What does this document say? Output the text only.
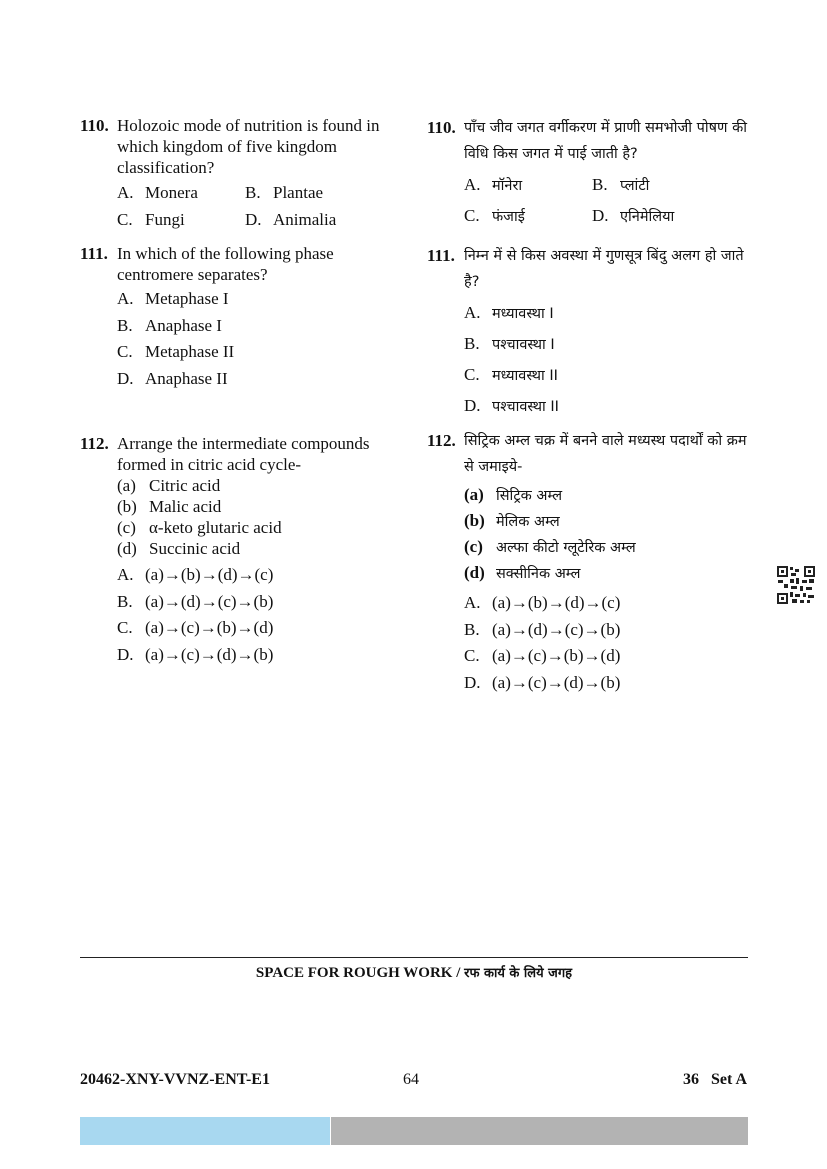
110. Holozoic mode of nutrition is found in which kingdom of five kingdom classification?
A. Monera	B. Plantae
C. Fungi	D. Animalia
111. In which of the following phase centromere separates?
A. Metaphase I
B. Anaphase I
C. Metaphase II
D. Anaphase II
112. Arrange the intermediate compounds formed in citric acid cycle-
(a) Citric acid
(b) Malic acid
(c) α-keto glutaric acid
(d) Succinic acid
A. (a)→(b)→(d)→(c)
B. (a)→(d)→(c)→(b)
C. (a)→(c)→(b)→(d)
D. (a)→(c)→(d)→(b)
110. पाँच जीव जगत वर्गीकरण में प्राणी समभोजी पोषण की विधि किस जगत में पाई जाती है?
A. मॉनेरा	B. प्लांटी
C. फंजाई	D. एनिमेलिया
111. निम्न में से किस अवस्था में गुणसूत्र बिंदु अलग हो जाते है?
A. मध्यावस्था I
B. पश्चावस्था I
C. मध्यावस्था II
D. पश्चावस्था II
112. सिट्रिक अम्ल चक्र में बनने वाले मध्यस्थ पदार्थों को क्रम से जमाइये-
(a) सिट्रिक अम्ल
(b) मेलिक अम्ल
(c) अल्फा कीटो ग्लूटेरिक अम्ल
(d) सक्सीनिक अम्ल
A. (a)→(b)→(d)→(c)
B. (a)→(d)→(c)→(b)
C. (a)→(c)→(b)→(d)
D. (a)→(c)→(d)→(b)
SPACE FOR ROUGH WORK / रफ कार्य के लिये जगह
20462-XNY-VVNZ-ENT-E1	64	36   Set A
